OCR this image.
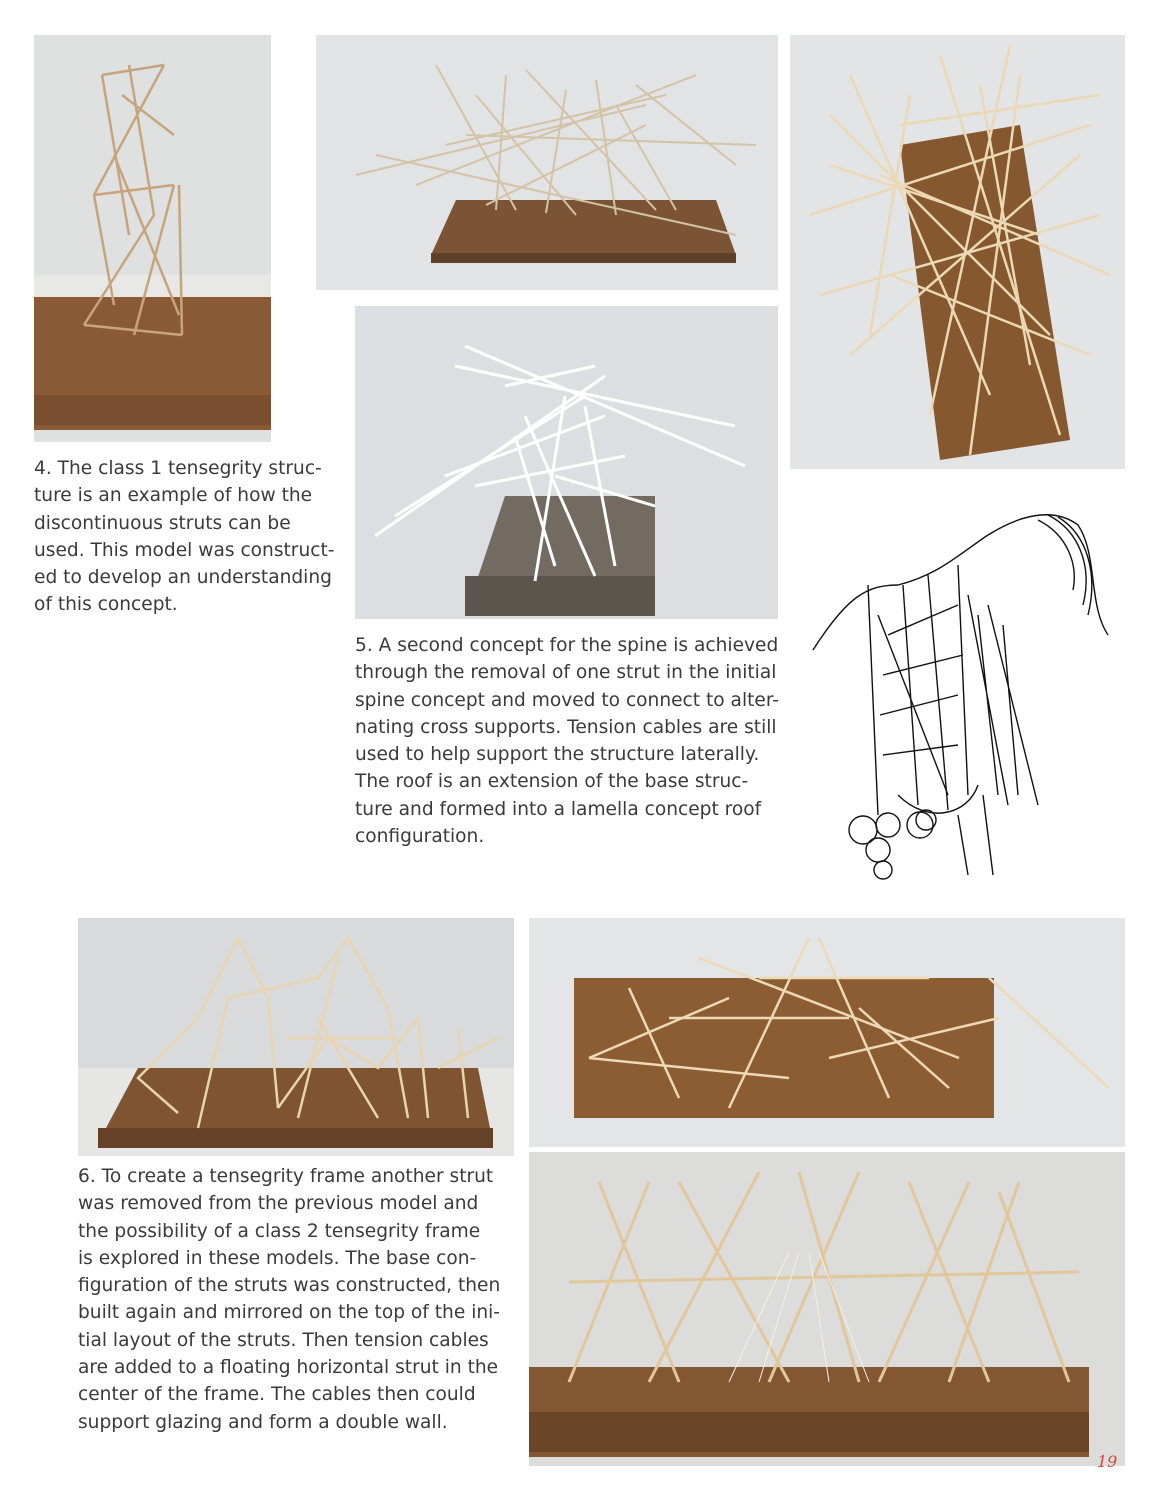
4. The class 1 tensegrity struc-
ture is an example of how the
discontinuous struts can be
used. This model was construct-
ed to develop an understanding
of this concept.

5. A second concept for the spine is achieved
through the removal of one strut in the initial
spine concept and moved to connect to alter-
nating cross supports. Tension cables are still
used to help support the structure laterally.
The roof is an extension of the base struc-
ture and formed into a lamella concept roof
configuration.

6. To create a tensegrity frame another strut
was removed from the previous model and
the possibility of a class 2 tensegrity frame
is explored in these models. The base con-
figuration of the struts was constructed, then
built again and mirrored on the top of the ini-
tial layout of the struts. Then tension cables
are added to a floating horizontal strut in the
center of the frame. The cables then could
support glazing and form a double wall.

19
